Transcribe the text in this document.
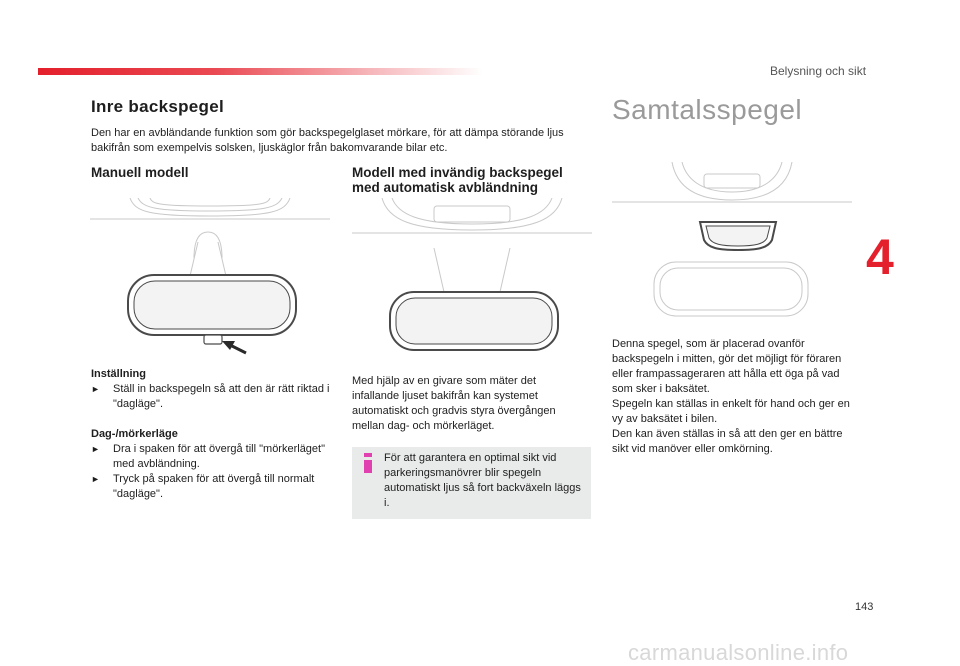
Belysning och sikt
4
Inre backspegel
Den har en avbländande funktion som gör backspegelglaset mörkare, för att dämpa störande ljus bakifrån som exempelvis solsken, ljuskäglor från bakomvarande bilar etc.
Manuell modell	Modell med invändig backspegel med automatisk avbländning
Samtalsspegel
Inställning
►	Ställ in backspegeln så att den är rätt riktad i "dagläge".
Dag-/mörkerläge
►	Dra i spaken för att övergå till "mörkerläget" med avbländning.
►	Tryck på spaken för att övergå till normalt "dagläge".
Med hjälp av en givare som mäter det infallande ljuset bakifrån kan systemet automatiskt och gradvis styra övergången mellan dag- och mörkerläget.
För att garantera en optimal sikt vid parkeringsmanövrer blir spegeln automatiskt ljus så fort backväxeln läggs i.
Denna spegel, som är placerad ovanför backspegeln i mitten, gör det möjligt för föraren eller frampassageraren att hålla ett öga på vad som sker i baksätet.
Spegeln kan ställas in enkelt för hand och ger en vy av baksätet i bilen.
Den kan även ställas in så att den ger en bättre sikt vid manöver eller omkörning.
143
carmanualsonline.info
